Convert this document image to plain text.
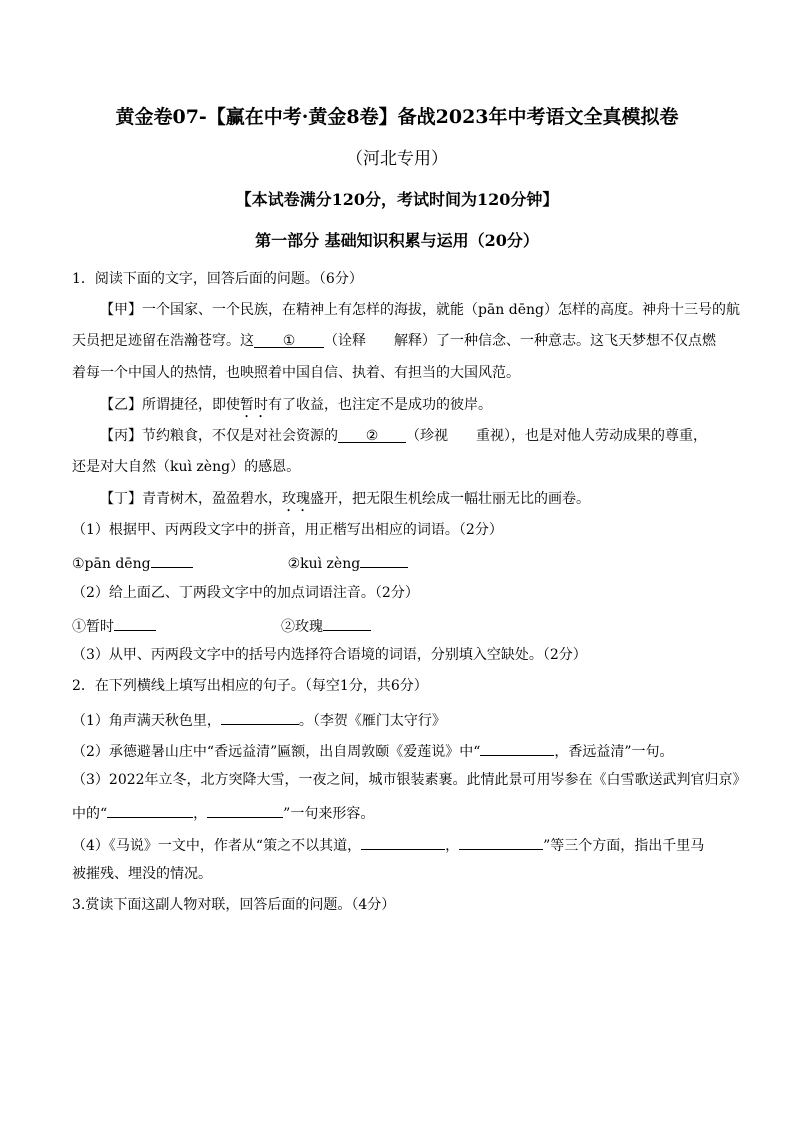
黄金卷07-【赢在中考·黄金8卷】备战2023年中考语文全真模拟卷
（河北专用）
【本试卷满分120分，考试时间为120分钟】
第一部分 基础知识积累与运用（20分）
1．阅读下面的文字，回答后面的问题。（6分）
【甲】一个国家、一个民族，在精神上有怎样的海拔，就能（pān dēng）怎样的高度。神舟十三号的航
天员把足迹留在浩瀚苍穹。这 ① （诠释　　解释）了一种信念、一种意志。这飞天梦想不仅点燃
着每一个中国人的热情，也映照着中国自信、执着、有担当的大国风范。
【乙】所谓捷径，即使暂时有了收益，也注定不是成功的彼岸。
【丙】节约粮食，不仅是对社会资源的 ② （珍视　　重视），也是对他人劳动成果的尊重，
还是对大自然（kuì zèng）的感恩。
【丁】青青树木，盈盈碧水，玫瑰盛开，把无限生机绘成一幅壮丽无比的画卷。
（1）根据甲、丙两段文字中的拼音，用正楷写出相应的词语。（2分）
①pān dēng	②kuì zèng
（2）给上面乙、丁两段文字中的加点词语注音。（2分）
①暂时	②玫瑰
（3）从甲、丙两段文字中的括号内选择符合语境的词语，分别填入空缺处。（2分）
2．在下列横线上填写出相应的句子。（每空1分，共6分）
（1）角声满天秋色里，	。（李贺《雁门太守行》
（2）承德避暑山庄中“香远益清”匾额，出自周敦颐《爱莲说》中“	，香远益清”一句。
（3）2022年立冬，北方突降大雪，一夜之间，城市银装素裹。此情此景可用岑参在《白雪歌送武判官归京》
中的“	，	”一句来形容。
（4）《马说》一文中，作者从“策之不以其道，	，	”等三个方面，指出千里马
被摧残、埋没的情况。
3.赏读下面这副人物对联，回答后面的问题。（4分）
